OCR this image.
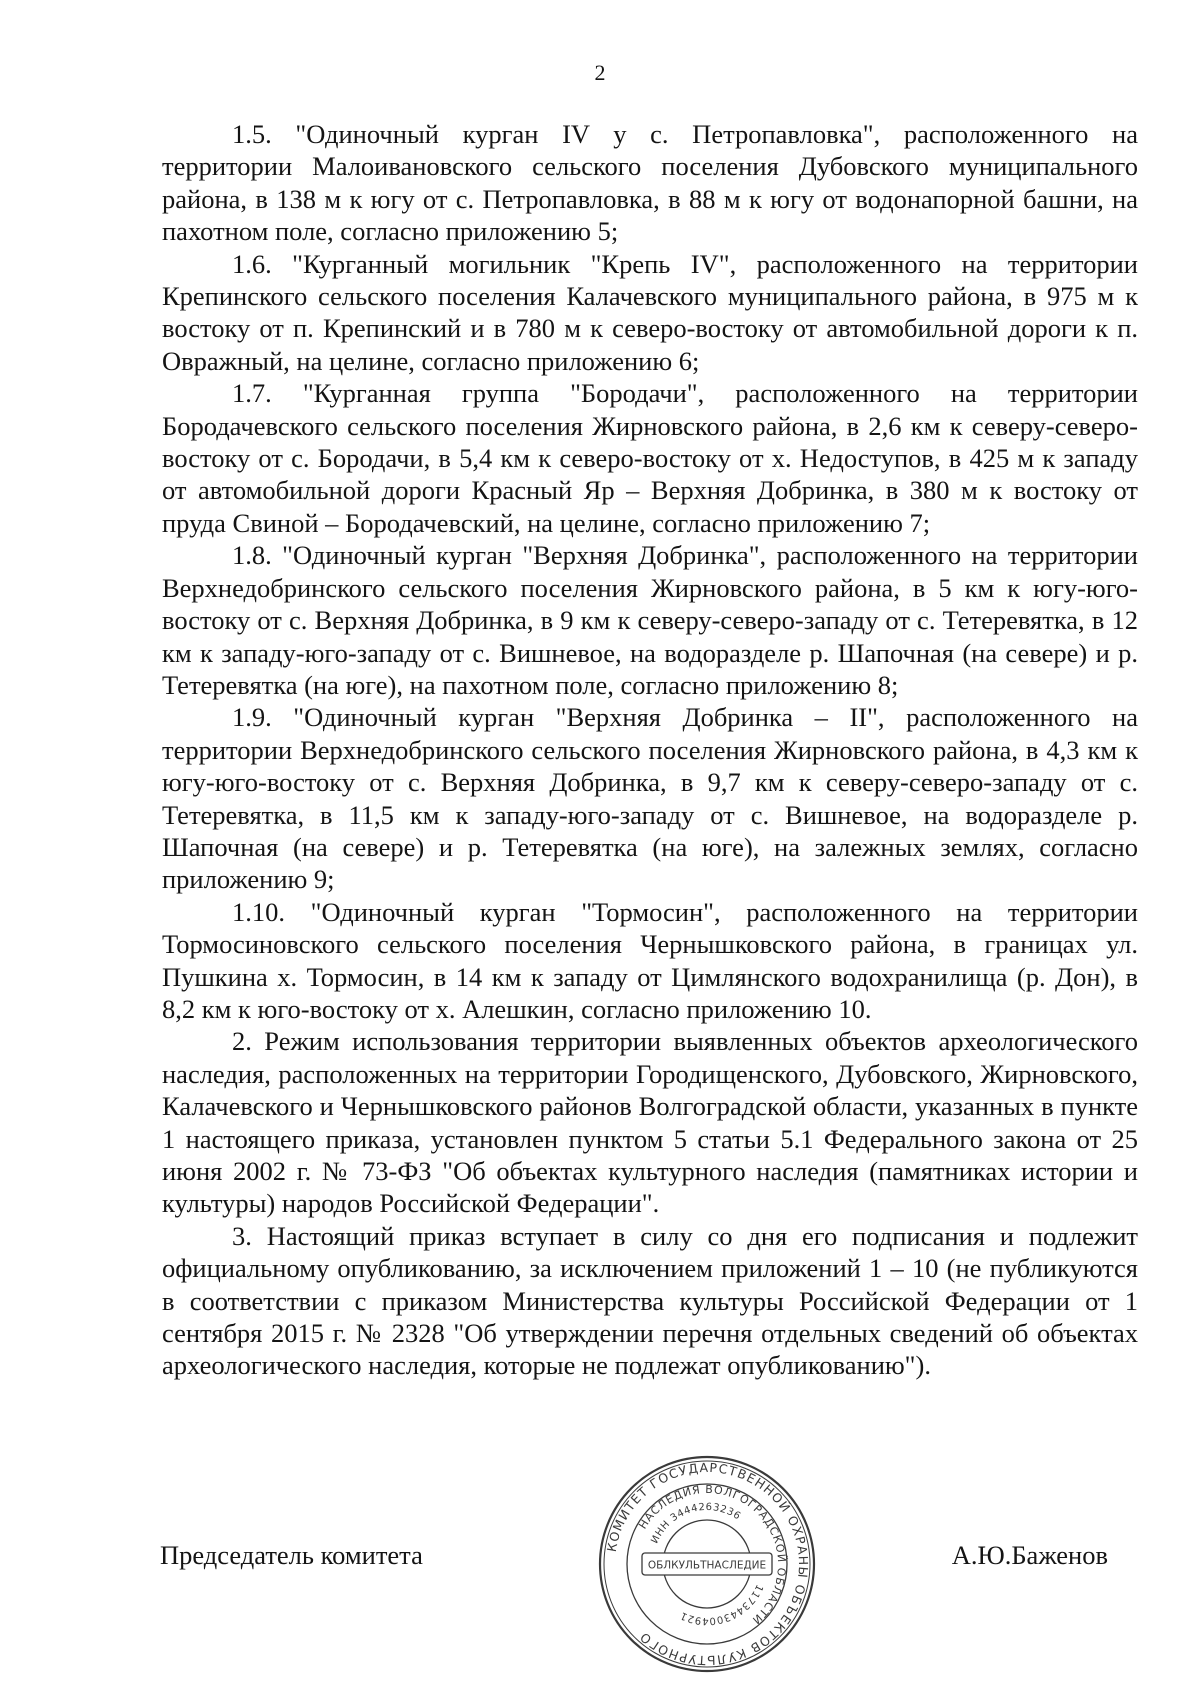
2

1.5. "Одиночный курган IV у с. Петропавловка", расположенного на территории Малоивановского сельского поселения Дубовского муниципального района, в 138 м к югу от с. Петропавловка, в 88 м к югу от водонапорной башни, на пахотном поле, согласно приложению 5;

1.6. "Курганный могильник "Крепь IV", расположенного на территории Крепинского сельского поселения Калачевского муниципального района, в 975 м к востоку от п. Крепинский и в 780 м к северо-востоку от автомобильной дороги к п. Овражный, на целине, согласно приложению 6;

1.7. "Курганная группа "Бородачи", расположенного на территории Бородачевского сельского поселения Жирновского района, в 2,6 км к северу-северо-востоку от с. Бородачи, в 5,4 км к северо-востоку от х. Недоступов, в 425 м к западу от автомобильной дороги Красный Яр – Верхняя Добринка, в 380 м к востоку от пруда Свиной – Бородачевский, на целине, согласно приложению 7;

1.8. "Одиночный курган "Верхняя Добринка", расположенного на территории Верхнедобринского сельского поселения Жирновского района, в 5 км к югу-юго-востоку от с. Верхняя Добринка, в 9 км к северу-северо-западу от с. Тетеревятка, в 12 км к западу-юго-западу от с. Вишневое, на водоразделе р. Шапочная (на севере) и р. Тетеревятка (на юге), на пахотном поле, согласно приложению 8;

1.9. "Одиночный курган "Верхняя Добринка – II", расположенного на территории Верхнедобринского сельского поселения Жирновского района, в 4,3 км к югу-юго-востоку от с. Верхняя Добринка, в 9,7 км к северу-северо-западу от с. Тетеревятка, в 11,5 км к западу-юго-западу от с. Вишневое, на водоразделе р. Шапочная (на севере) и р. Тетеревятка (на юге), на залежных землях, согласно приложению 9;

1.10. "Одиночный курган "Тормосин", расположенного на территории Тормосиновского сельского поселения Чернышковского района, в границах ул. Пушкина х. Тормосин, в 14 км к западу от Цимлянского водохранилища (р. Дон), в 8,2 км к юго-востоку от х. Алешкин, согласно приложению 10.

2. Режим использования территории выявленных объектов археологического наследия, расположенных на территории Городищенского, Дубовского, Жирновского, Калачевского и Чернышковского районов Волгоградской области, указанных в пункте 1 настоящего приказа, установлен пунктом 5 статьи 5.1 Федерального закона от 25 июня 2002 г. № 73-ФЗ "Об объектах культурного наследия (памятниках истории и культуры) народов Российской Федерации".

3. Настоящий приказ вступает в силу со дня его подписания и подлежит официальному опубликованию, за исключением приложений 1 – 10 (не публикуются в соответствии с приказом Министерства культуры Российской Федерации от 1 сентября 2015 г. № 2328 "Об утверждении перечня отдельных сведений об объектах археологического наследия, которые не подлежат опубликованию").

Председатель комитета	А.Ю.Баженов
КОМИТЕТ ГОСУДАРСТВЕННОЙ ОХРАНЫ ОБЪЕКТОВ КУЛЬТУРНОГО
НАСЛЕДИЯ ВОЛГОГРАДСКОЙ ОБЛАСТИ
ИНН 3444263236
1173443004921
ОБЛКУЛЬТНАСЛЕДИЕ
